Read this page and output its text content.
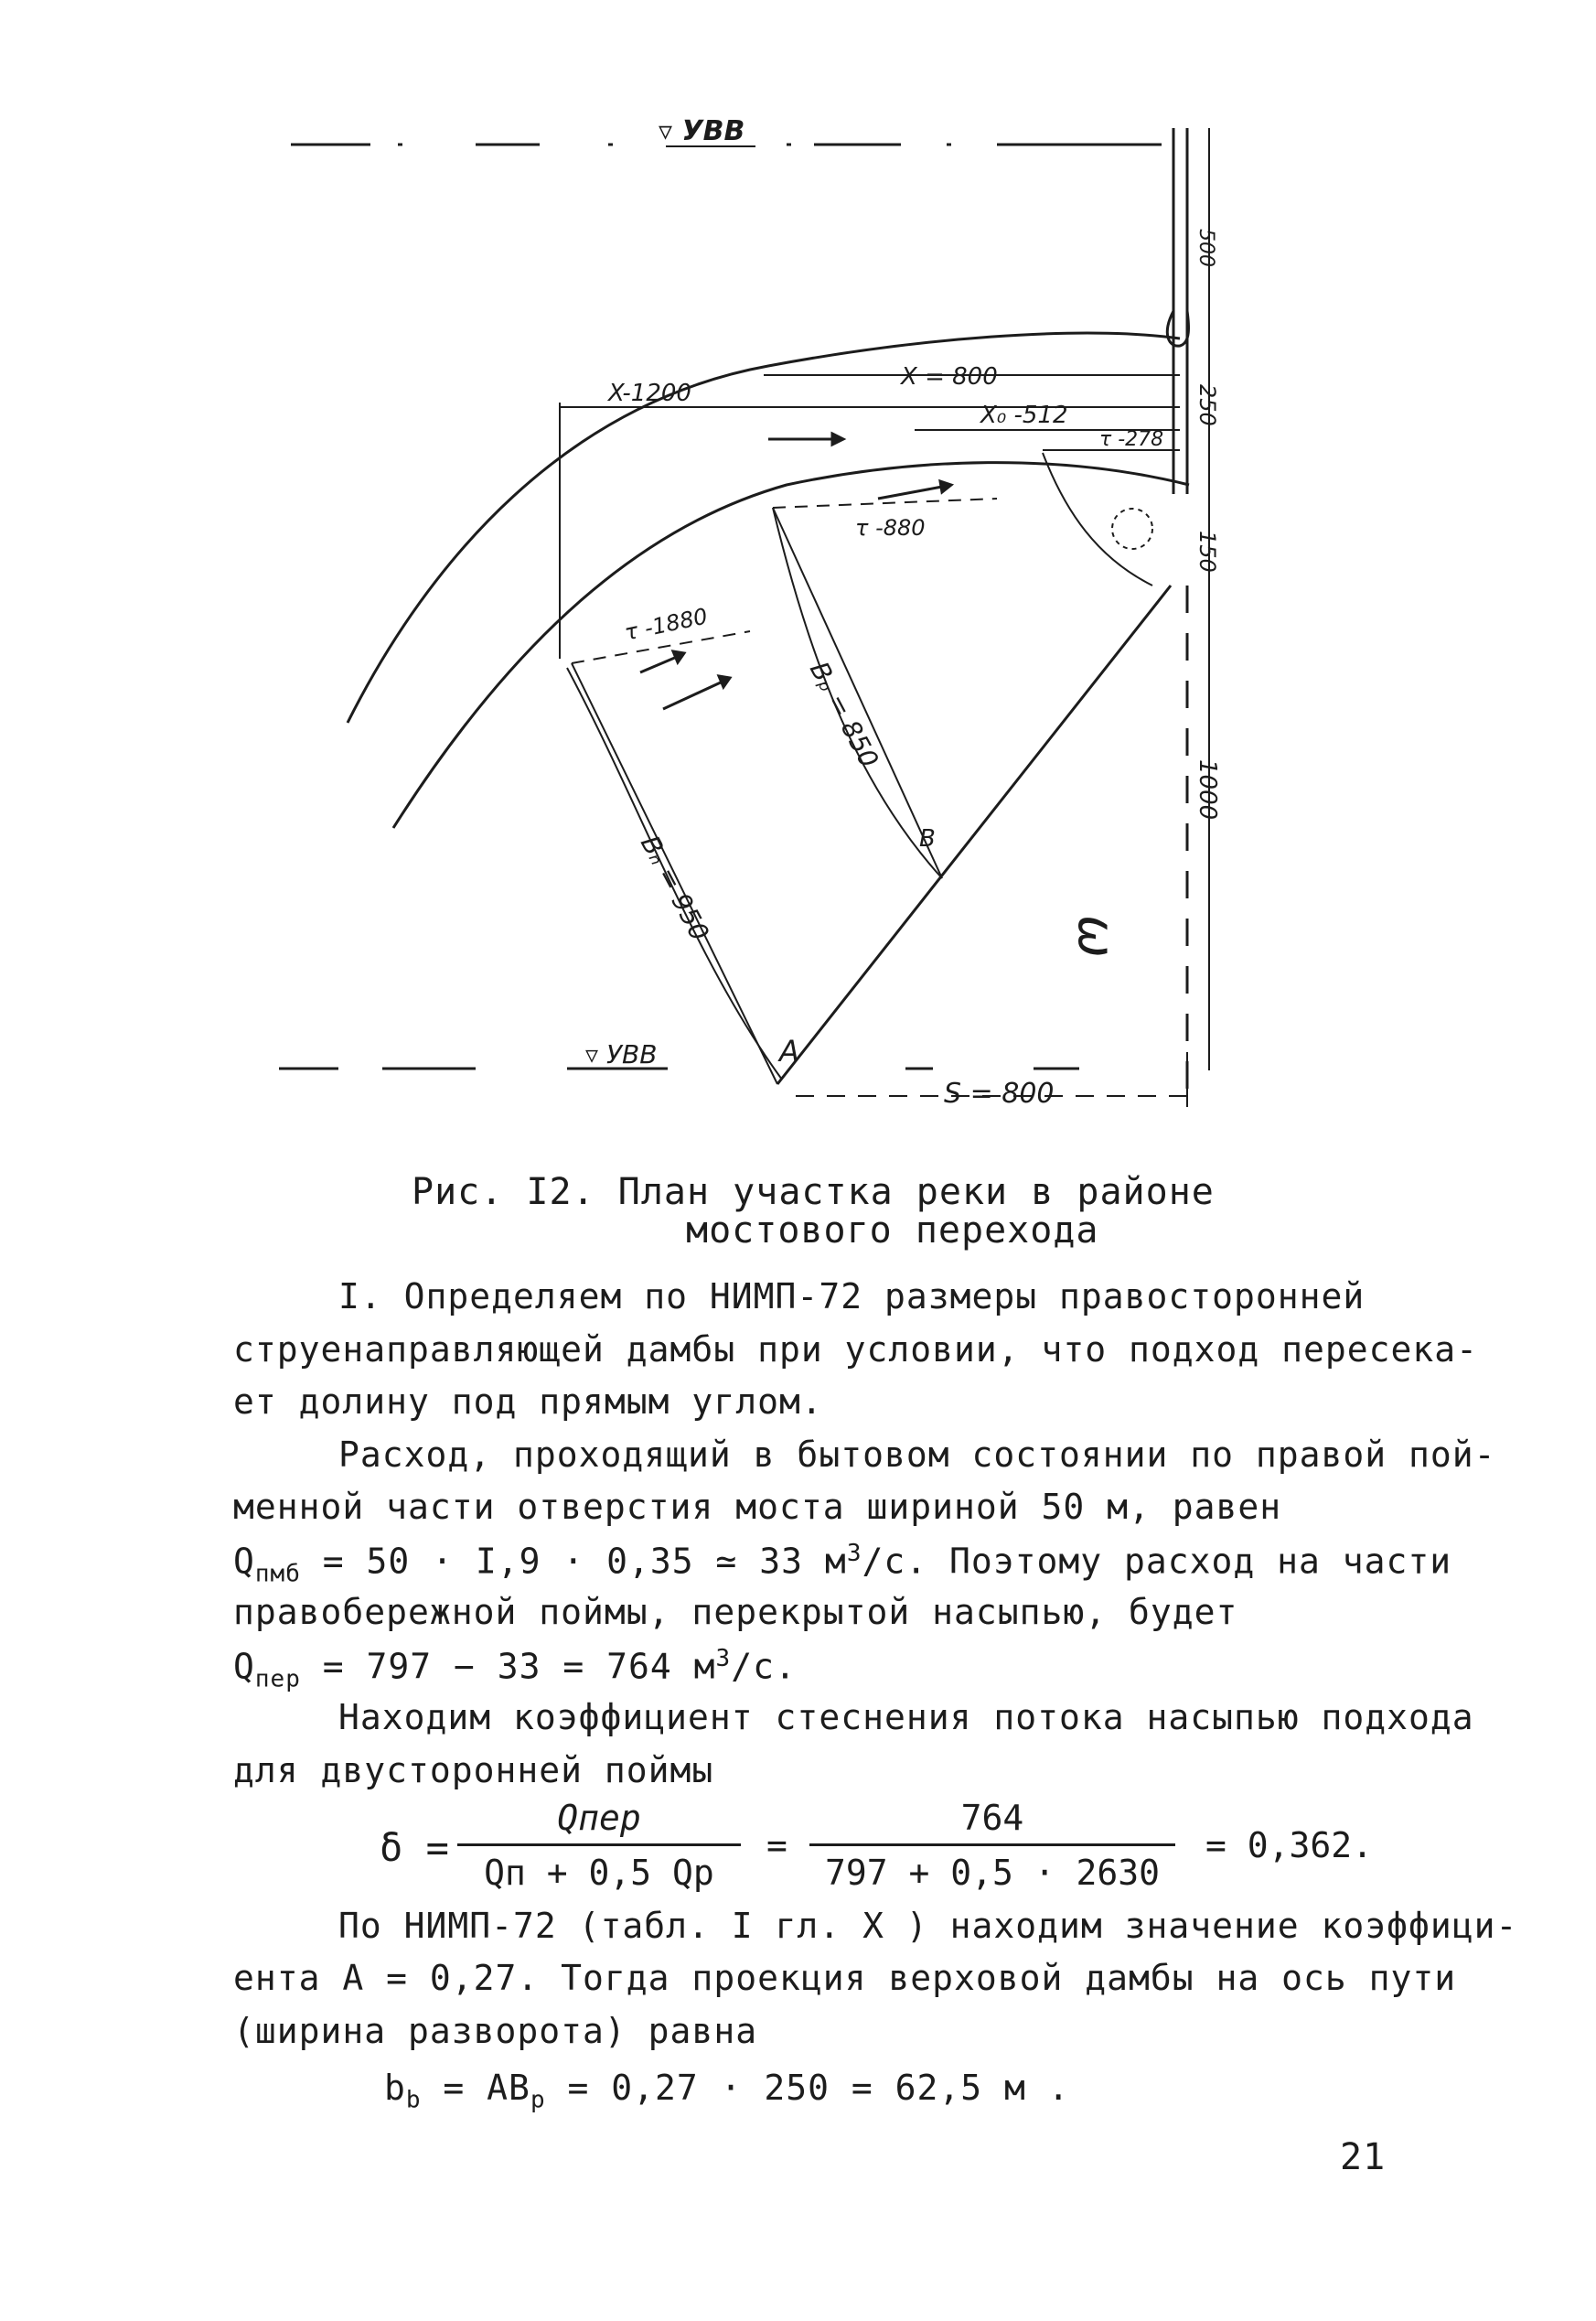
▿ УВВ
▿ УВВ
X-1200
X = 800
X₀ -512
τ -278
τ -880
τ -1880
Bₚ = 850
Bₙ = 950
S = 800
500
250
150
1000
ω
A
B
Рис. I2. План участка реки в районе
мостового перехода
I. Определяем по НИМП-72 размеры правосторонней
струенаправляющей дамбы при условии, что подход пересека-
ет долину под прямым углом.
Расход, проходящий в бытовом состоянии по правой пой-
менной части отверстия моста шириной 50 м, равен
$Q_{пмб} = 50 \cdot I,9 \cdot 0,35$ ≃ 33 $м^3/с$. Поэтому расход на части
правобережной поймы, перекрытой насыпью, будет
$Q_{пер} = 797 - 33 = 764$ $м^3/с$.
Находим коэффициент стеснения потока насыпью подхода
для двусторонней поймы
δ =
Qпер
Qп + 0,5 Qр
=
764
797 + 0,5 · 2630
= 0,362.
По НИМП-72 (табл. I гл. X ) находим значение коэффици-
ента A = 0,27. Тогда проекция верховой дамбы на ось пути
(ширина разворота) равна
$b_b = AB_p = 0,27 \cdot 250 = 62,5$ м .
21
